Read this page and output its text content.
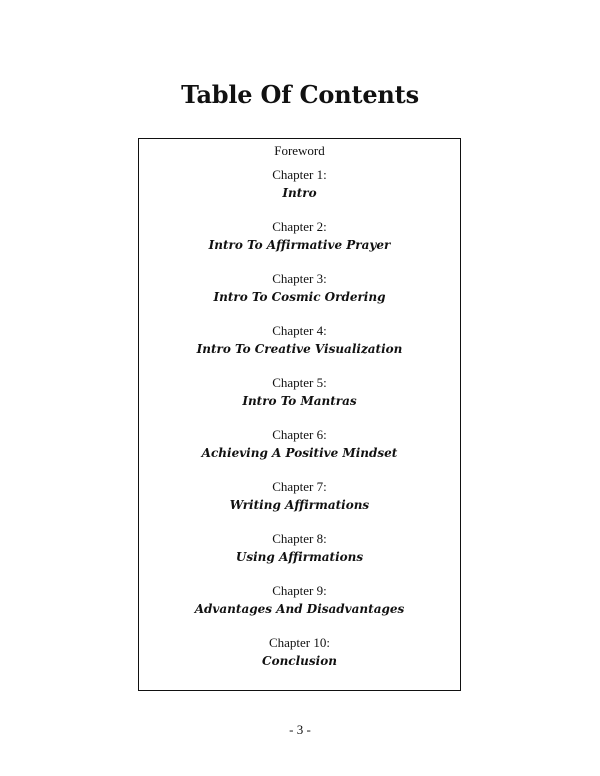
Table Of Contents
Foreword
Chapter 1:
Intro
Chapter 2:
Intro To Affirmative Prayer
Chapter 3:
Intro To Cosmic Ordering
Chapter 4:
Intro To Creative Visualization
Chapter 5:
Intro To Mantras
Chapter 6:
Achieving A Positive Mindset
Chapter 7:
Writing Affirmations
Chapter 8:
Using Affirmations
Chapter 9:
Advantages And Disadvantages
Chapter 10:
Conclusion
- 3 -
